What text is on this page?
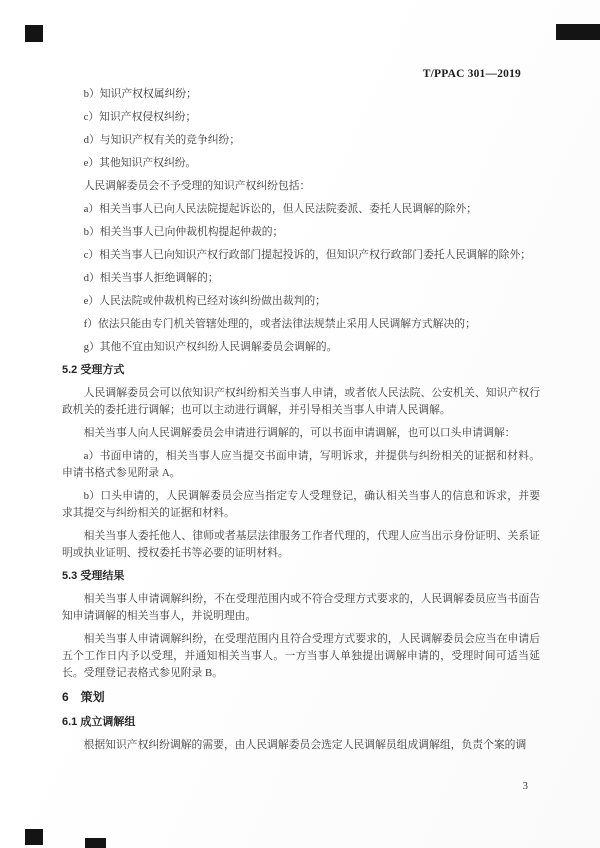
T/PPAC 301—2019

b）知识产权权属纠纷；

c）知识产权侵权纠纷；

d）与知识产权有关的竞争纠纷；

e）其他知识产权纠纷。

人民调解委员会不予受理的知识产权纠纷包括：

a）相关当事人已向人民法院提起诉讼的，但人民法院委派、委托人民调解的除外；

b）相关当事人已向仲裁机构提起仲裁的；

c）相关当事人已向知识产权行政部门提起投诉的，但知识产权行政部门委托人民调解的除外；

d）相关当事人拒绝调解的；

e）人民法院或仲裁机构已经对该纠纷做出裁判的；

f）依法只能由专门机关管辖处理的，或者法律法规禁止采用人民调解方式解决的；

g）其他不宜由知识产权纠纷人民调解委员会调解的。

5.2 受理方式

人民调解委员会可以依知识产权纠纷相关当事人申请，或者依人民法院、公安机关、知识产权行政机关的委托进行调解；也可以主动进行调解，并引导相关当事人申请人民调解。

相关当事人向人民调解委员会申请进行调解的，可以书面申请调解，也可以口头申请调解：

a）书面申请的，相关当事人应当提交书面申请，写明诉求，并提供与纠纷相关的证据和材料。申请书格式参见附录 A。

b）口头申请的，人民调解委员会应当指定专人受理登记，确认相关当事人的信息和诉求，并要求其提交与纠纷相关的证据和材料。

相关当事人委托他人、律师或者基层法律服务工作者代理的，代理人应当出示身份证明、关系证明或执业证明、授权委托书等必要的证明材料。

5.3 受理结果

相关当事人申请调解纠纷，不在受理范围内或不符合受理方式要求的，人民调解委员应当书面告知申请调解的相关当事人，并说明理由。

相关当事人申请调解纠纷，在受理范围内且符合受理方式要求的，人民调解委员会应当在申请后五个工作日内予以受理，并通知相关当事人。一方当事人单独提出调解申请的，受理时间可适当延长。受理登记表格式参见附录 B。

6　策划

6.1 成立调解组

根据知识产权纠纷调解的需要，由人民调解委员会选定人民调解员组成调解组，负责个案的调

3
